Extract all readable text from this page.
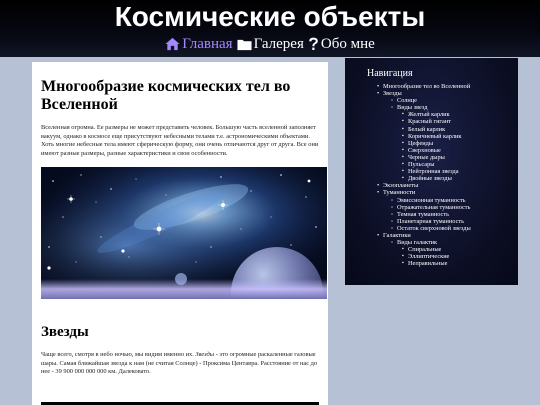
Космические объекты
Главная Галерея Обо мне
Многообразие космических тел во Вселенной

Вселенная огромна. Ее размеры не может представить человек. Большую часть вселенной заполняет вакуум, однако в космосе еще присутствуют небесными телами т.е. астрономическими объектами. Хоть многие небесные тела имеют сферическую форму, они очень отличаются друг от друга. Все они имеют разные размеры, разные характеристики и свои особенности.

Звезды

Чаще всего, смотря в небо ночью, мы видим именно их. Звезды - это огромные раскаленные газовые шары. Самая ближайшая звезда к нам (не считая Солнце) - Проксима Центавра. Расстояние от нас до нее - 39 900 000 000 000 км. Далековато.

Навигация
• Многообразие тел во Вселенной
• Звезды
◦ Солнце
◦ Виды звезд
▪ Желтый карлик
▪ Красный гигант
▪ Белый карлик
▪ Коричневый карлик
▪ Цефеиды
▪ Сверхновые
▪ Черные дыры
▪ Пульсары
▪ Нейтронная звезда
▪ Двойные звезды
• Экзопланеты
• Туманности
◦ Эмиссионная туманность
◦ Отражательная туманность
◦ Темная туманность
◦ Планетарная туманность
◦ Остаток сверхновой звезды
• Галактики
◦ Виды галактик
▪ Спиральные
▪ Эллиптические
▪ Неправильные
